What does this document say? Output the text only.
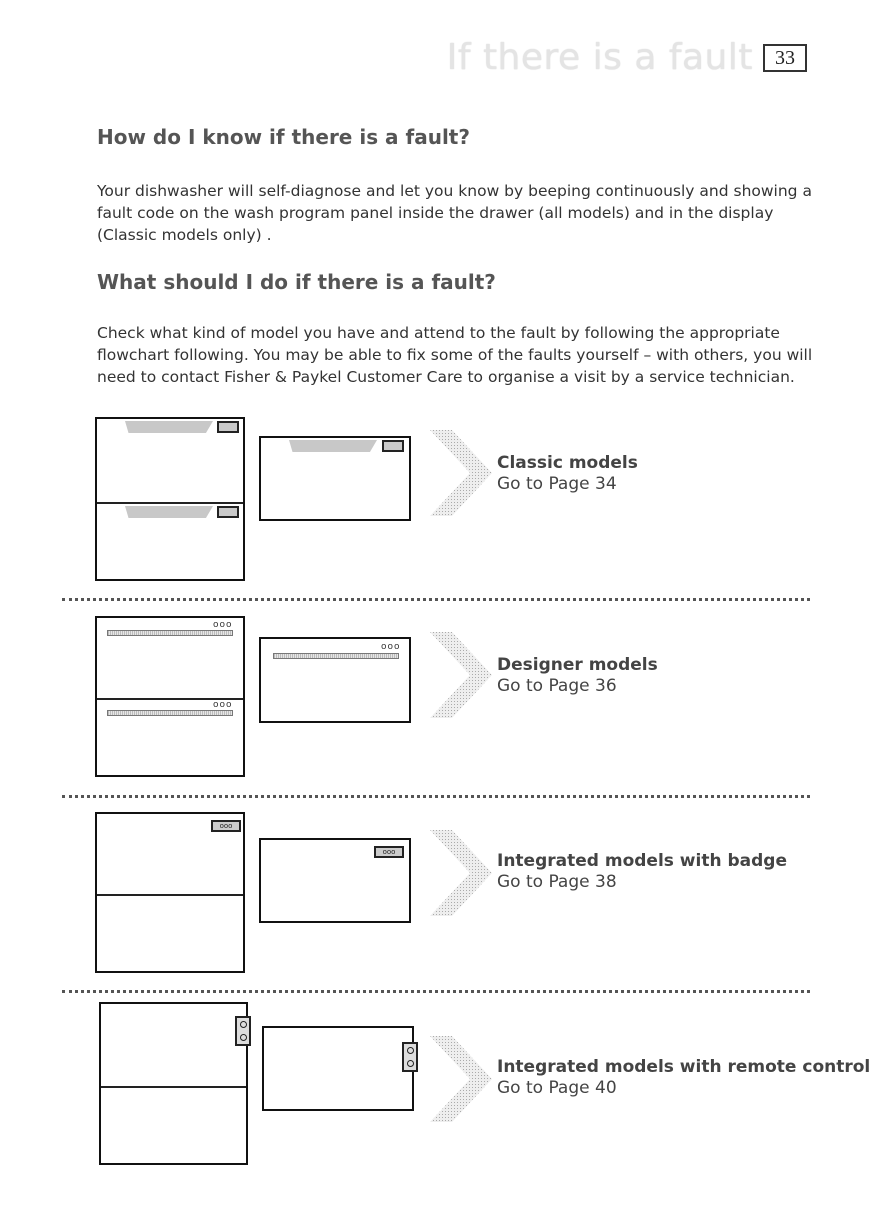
If there is a fault	33
How do I know if there is a fault?

Your dishwasher will self-diagnose and let you know by beeping continuously and showing a fault code on the wash program panel inside the drawer (all models) and in the display (Classic models only) .

What should I do if there is a fault?

Check what kind of model you have and attend to the fault by following the appropriate flowchart following. You may be able to fix some of the faults yourself – with others, you will need to contact Fisher & Paykel Customer Care to organise a visit by a service technician.

Classic models
Go to Page 34
ooo
ooo
ooo
Designer models
Go to Page 36
ooo
ooo	Integrated models with badge
Go to Page 38
Integrated models with remote control
Go to Page 40
